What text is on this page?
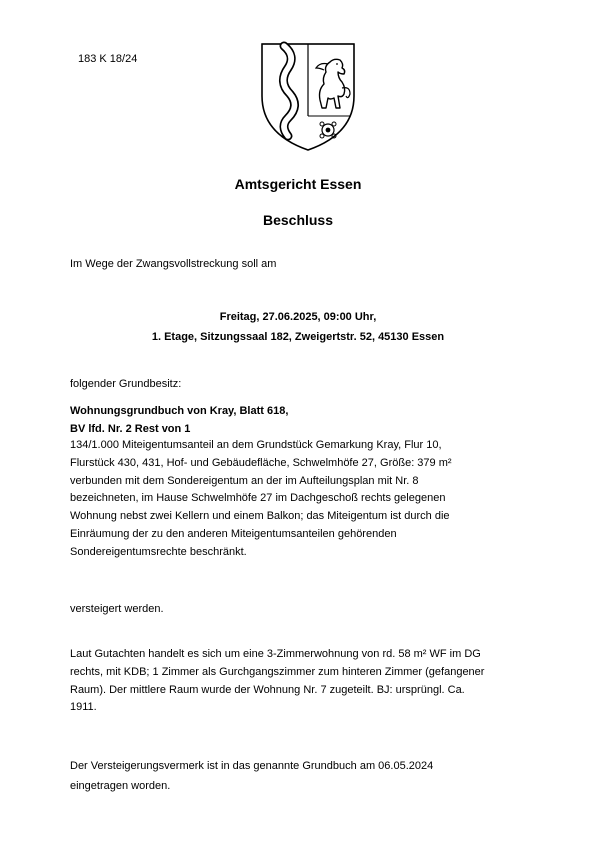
183 K 18/24
Amtsgericht Essen
Beschluss
Im Wege der Zwangsvollstreckung soll am
Freitag, 27.06.2025, 09:00 Uhr,
1. Etage, Sitzungssaal 182, Zweigertstr. 52, 45130 Essen
folgender Grundbesitz:
Wohnungsgrundbuch von Kray, Blatt 618,
BV lfd. Nr. 2 Rest von 1
134/1.000 Miteigentumsanteil an dem Grundstück Gemarkung Kray, Flur 10,
Flurstück 430, 431, Hof- und Gebäudefläche, Schwelmhöfe 27, Größe: 379 m²
verbunden mit dem Sondereigentum an der im Aufteilungsplan mit Nr. 8
bezeichneten, im Hause Schwelmhöfe 27 im Dachgeschoß rechts gelegenen
Wohnung nebst zwei Kellern und einem Balkon; das Miteigentum ist durch die
Einräumung der zu den anderen Miteigentumsanteilen gehörenden
Sondereigentumsrechte beschränkt.
versteigert werden.
Laut Gutachten handelt es sich um eine 3-Zimmerwohnung von rd. 58 m² WF im DG
rechts, mit KDB; 1 Zimmer als Gurchgangszimmer zum hinteren Zimmer (gefangener
Raum). Der mittlere Raum wurde der Wohnung Nr. 7 zugeteilt. BJ: ursprüngl. Ca.
1911.
Der Versteigerungsvermerk ist in das genannte Grundbuch am 06.05.2024
eingetragen worden.
